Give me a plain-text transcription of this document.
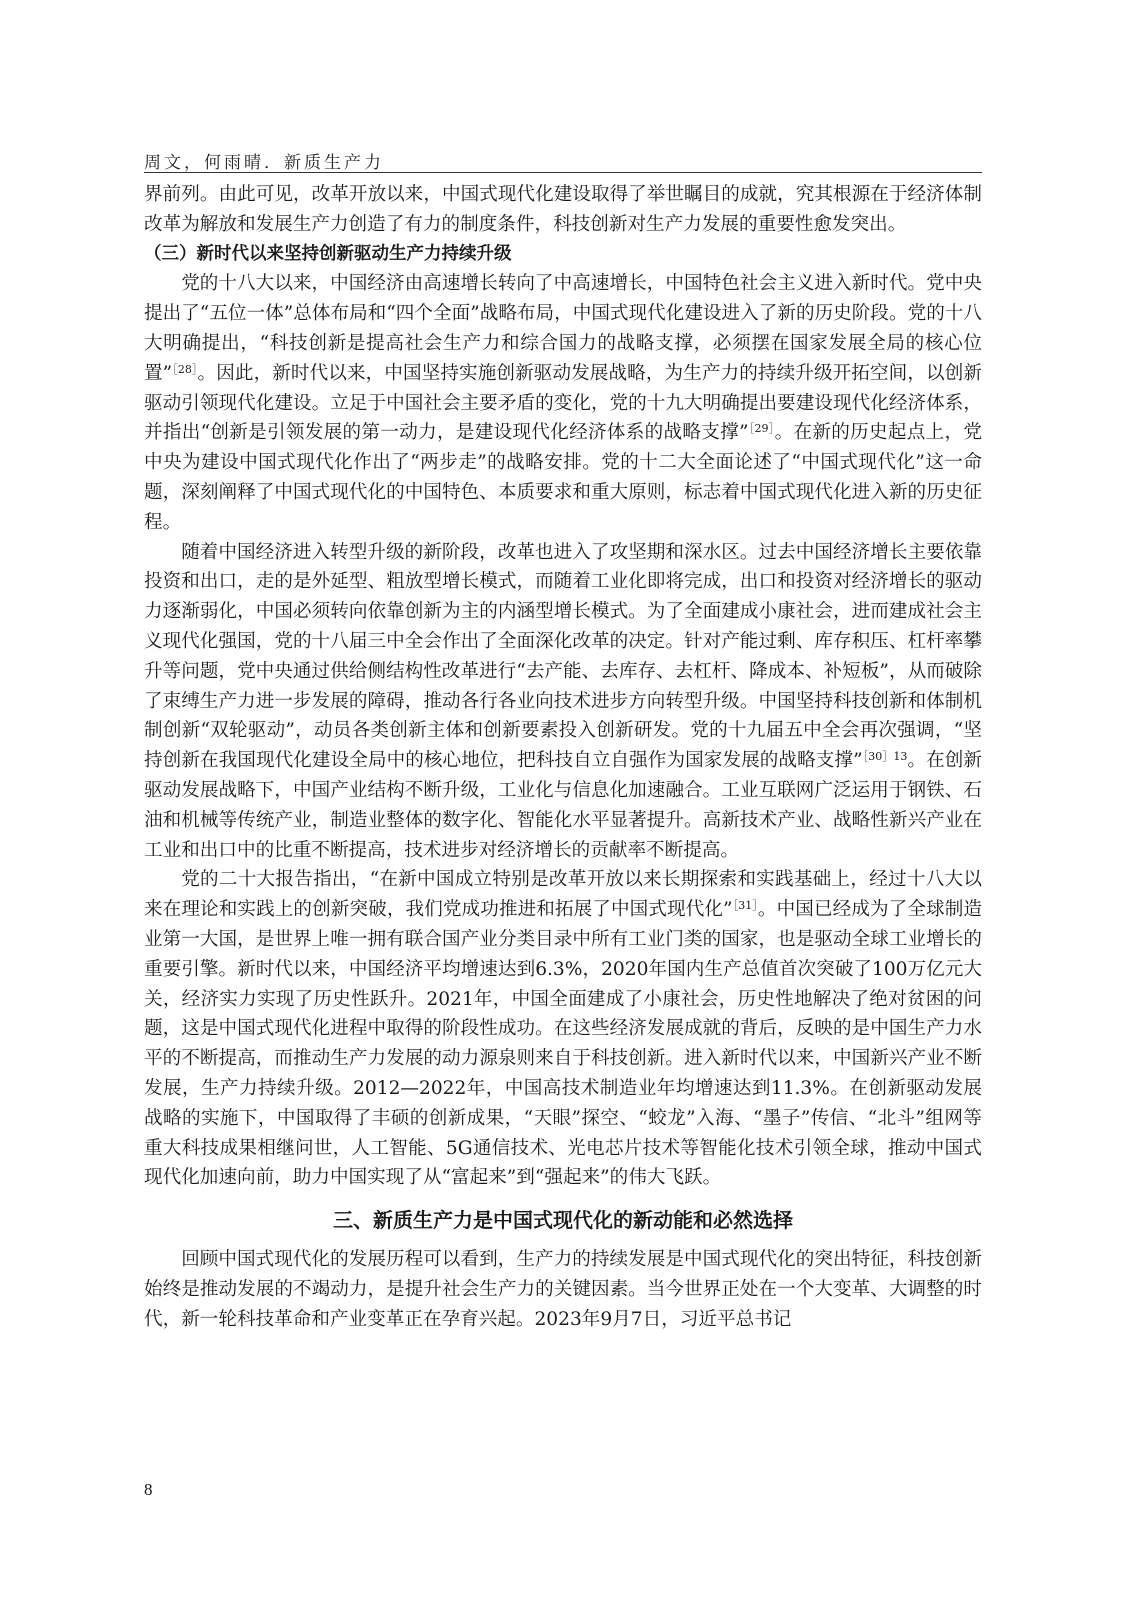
周文，何雨晴．新质生产力

界前列。由此可见，改革开放以来，中国式现代化建设取得了举世瞩目的成就，究其根源在于经济体制改革为解放和发展生产力创造了有力的制度条件，科技创新对生产力发展的重要性愈发突出。

（三）新时代以来坚持创新驱动生产力持续升级

党的十八大以来，中国经济由高速增长转向了中高速增长，中国特色社会主义进入新时代。党中央提出了“五位一体”总体布局和“四个全面”战略布局，中国式现代化建设进入了新的历史阶段。党的十八大明确提出，“科技创新是提高社会生产力和综合国力的战略支撑，必须摆在国家发展全局的核心位置”$^{[28]}$。因此，新时代以来，中国坚持实施创新驱动发展战略，为生产力的持续升级开拓空间，以创新驱动引领现代化建设。立足于中国社会主要矛盾的变化，党的十九大明确提出要建设现代化经济体系，并指出“创新是引领发展的第一动力，是建设现代化经济体系的战略支撑”$^{[29]}$。在新的历史起点上，党中央为建设中国式现代化作出了“两步走”的战略安排。党的十二大全面论述了“中国式现代化”这一命题，深刻阐释了中国式现代化的中国特色、本质要求和重大原则，标志着中国式现代化进入新的历史征程。

随着中国经济进入转型升级的新阶段，改革也进入了攻坚期和深水区。过去中国经济增长主要依靠投资和出口，走的是外延型、粗放型增长模式，而随着工业化即将完成，出口和投资对经济增长的驱动力逐渐弱化，中国必须转向依靠创新为主的内涵型增长模式。为了全面建成小康社会，进而建成社会主义现代化强国，党的十八届三中全会作出了全面深化改革的决定。针对产能过剩、库存积压、杠杆率攀升等问题，党中央通过供给侧结构性改革进行“去产能、去库存、去杠杆、降成本、补短板”，从而破除了束缚生产力进一步发展的障碍，推动各行各业向技术进步方向转型升级。中国坚持科技创新和体制机制创新“双轮驱动”，动员各类创新主体和创新要素投入创新研发。党的十九届五中全会再次强调，“坚持创新在我国现代化建设全局中的核心地位，把科技自立自强作为国家发展的战略支撑”$^{[30]13}$。在创新驱动发展战略下，中国产业结构不断升级，工业化与信息化加速融合。工业互联网广泛运用于钢铁、石油和机械等传统产业，制造业整体的数字化、智能化水平显著提升。高新技术产业、战略性新兴产业在工业和出口中的比重不断提高，技术进步对经济增长的贡献率不断提高。

党的二十大报告指出，“在新中国成立特别是改革开放以来长期探索和实践基础上，经过十八大以来在理论和实践上的创新突破，我们党成功推进和拓展了中国式现代化”$^{[31]}$。中国已经成为了全球制造业第一大国，是世界上唯一拥有联合国产业分类目录中所有工业门类的国家，也是驱动全球工业增长的重要引擎。新时代以来，中国经济平均增速达到6.3%，2020年国内生产总值首次突破了100万亿元大关，经济实力实现了历史性跃升。2021年，中国全面建成了小康社会，历史性地解决了绝对贫困的问题，这是中国式现代化进程中取得的阶段性成功。在这些经济发展成就的背后，反映的是中国生产力水平的不断提高，而推动生产力发展的动力源泉则来自于科技创新。进入新时代以来，中国新兴产业不断发展，生产力持续升级。2012—2022年，中国高技术制造业年均增速达到11.3%。在创新驱动发展战略的实施下，中国取得了丰硕的创新成果，“天眼”探空、“蛟龙”入海、“墨子”传信、“北斗”组网等重大科技成果相继问世，人工智能、5G通信技术、光电芯片技术等智能化技术引领全球，推动中国式现代化加速向前，助力中国实现了从“富起来”到“强起来”的伟大飞跃。

三、新质生产力是中国式现代化的新动能和必然选择

回顾中国式现代化的发展历程可以看到，生产力的持续发展是中国式现代化的突出特征，科技创新始终是推动发展的不竭动力，是提升社会生产力的关键因素。当今世界正处在一个大变革、大调整的时代，新一轮科技革命和产业变革正在孕育兴起。2023年9月7日，习近平总书记

8
